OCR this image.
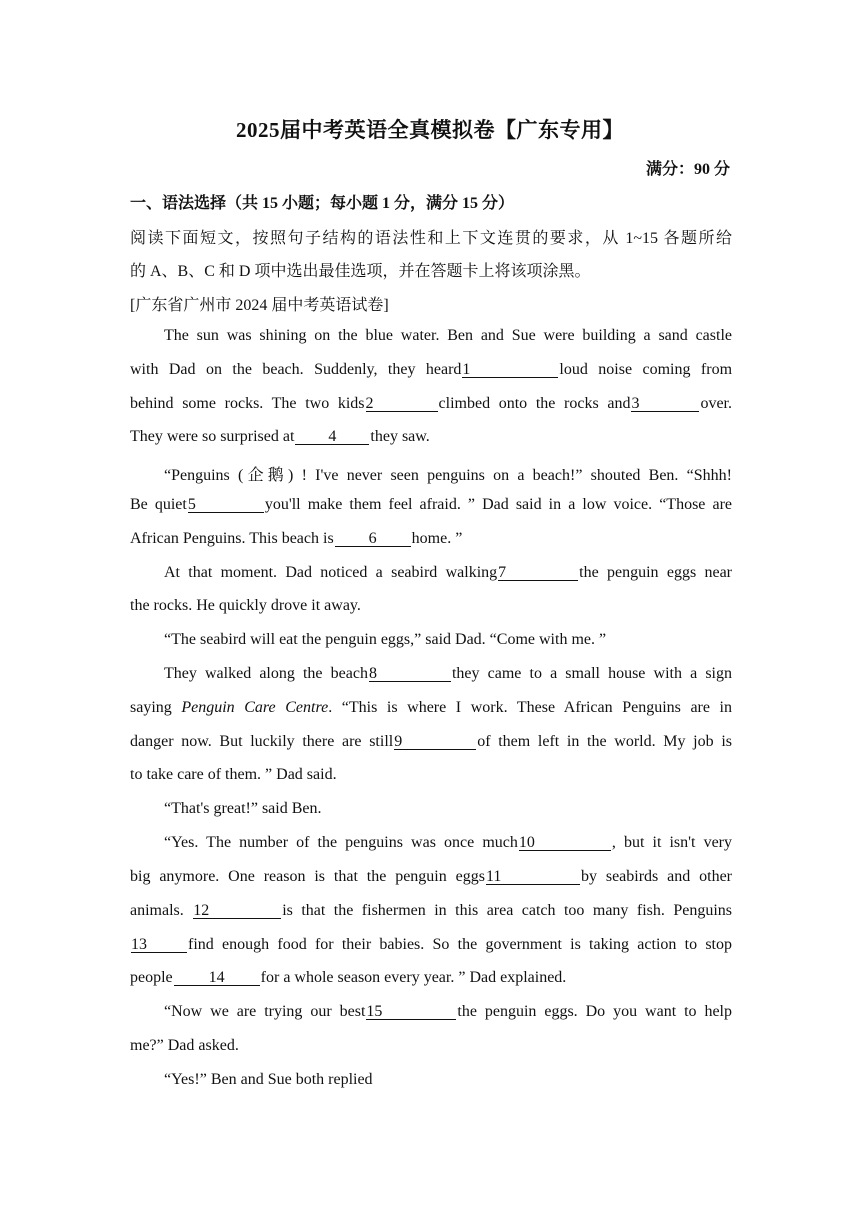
2025届中考英语全真模拟卷【广东专用】
满分：90 分
一、语法选择（共 15 小题；每小题 1 分，满分 15 分）
阅读下面短文，按照句子结构的语法性和上下文连贯的要求，从 1~15 各题所给
的 A、B、C 和 D 项中选出最佳选项，并在答题卡上将该项涂黑。
[广东省广州市 2024 届中考英语试卷]
The sun was shining on the blue water. Ben and Sue were building a sand castle
with Dad on the beach. Suddenly, they heard1	loud noise coming from
behind some rocks. The two kids2	climbed onto the rocks and3	over.
They were so surprised at 4 they saw.
“Penguins (企鹅) ! I've never seen penguins on a beach!” shouted Ben. “Shhh!
Be quiet5	you'll make them feel afraid. ” Dad said in a low voice. “Those are
African Penguins. This beach is 6 home. ”
At that moment. Dad noticed a seabird walking7	the penguin eggs near
the rocks. He quickly drove it away.
“The seabird will eat the penguin eggs,” said Dad. “Come with me. ”
They walked along the beach8	they came to a small house with a sign
saying Penguin Care Centre. “This is where I work. These African Penguins are in
danger now. But luckily there are still9	of them left in the world. My job is
to take care of them. ” Dad said.
“That's great!” said Ben.
“Yes. The number of the penguins was once much10	, but it isn't very
big anymore. One reason is that the penguin eggs11	by seabirds and other
animals. 12	is that the fishermen in this area catch too many fish. Penguins
13	find enough food for their babies. So the government is taking action to stop
people 14 for a whole season every year. ” Dad explained.
“Now we are trying our best15	the penguin eggs. Do you want to help
me?” Dad asked.
“Yes!” Ben and Sue both replied
